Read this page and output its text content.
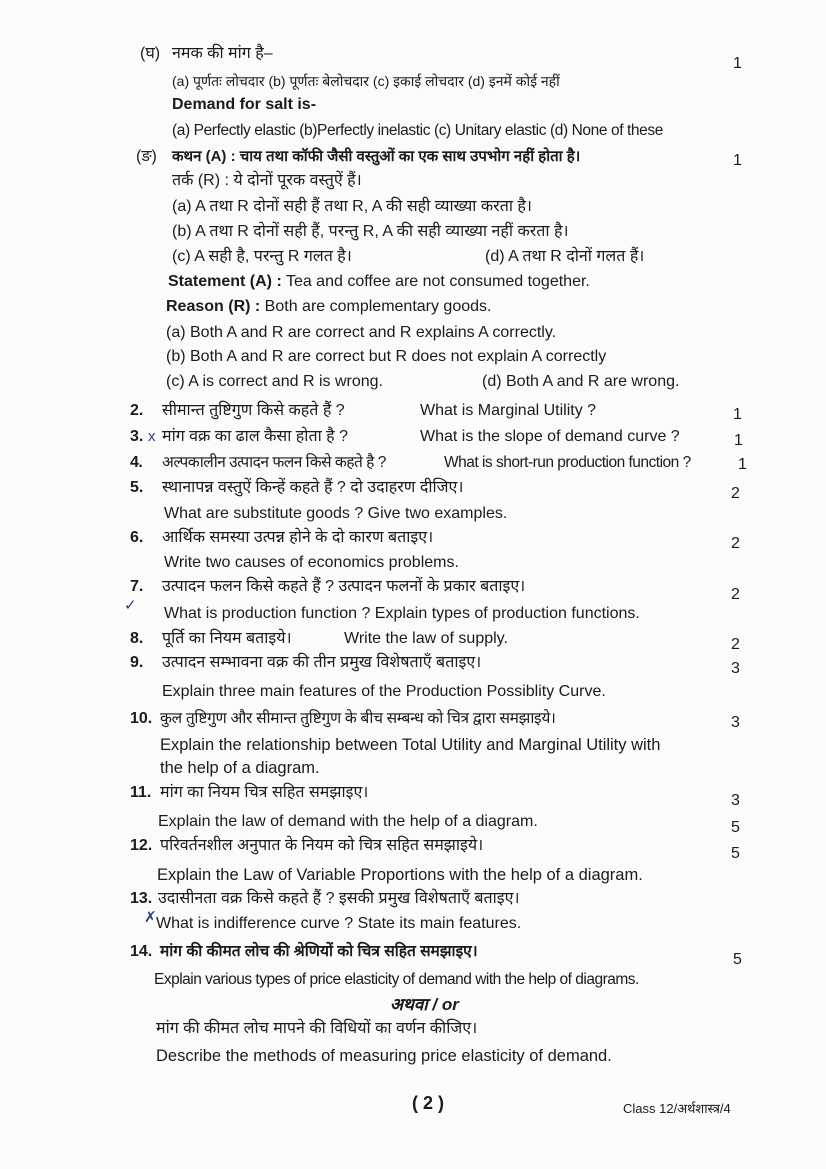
(घ) नमक की मांग है–
1
(a) पूर्णतः लोचदार (b) पूर्णतः बेलोचदार (c) इकाई लोचदार (d) इनमें कोई नहीं
Demand for salt is-
(a) Perfectly elastic (b)Perfectly inelastic (c) Unitary elastic (d) None of these
(ङ) कथन (A) : चाय तथा कॉफी जैसी वस्तुओं का एक साथ उपभोग नहीं होता है।	1
तर्क (R) : ये दोनों पूरक वस्तुऐं हैं।
(a) A तथा R दोनों सही हैं तथा R, A की सही व्याख्या करता है।
(b) A तथा R दोनों सही हैं, परन्तु R, A की सही व्याख्या नहीं करता है।
(c) A सही है, परन्तु R गलत है।	(d) A तथा R दोनों गलत हैं।
Statement (A) : Tea and coffee are not consumed together.
Reason (R) : Both are complementary goods.
(a) Both A and R are correct and R explains A correctly.
(b) Both A and R are correct but R does not explain A correctly
(c) A is correct and R is wrong.	(d) Both A and R are wrong.
2. सीमान्त तुष्टिगुण किसे कहते हैं ?	What is Marginal Utility ?	1
3. x मांग वक्र का ढाल कैसा होता है ?	What is the slope of demand curve ?	1
4. अल्पकालीन उत्पादन फलन किसे कहते है ?	What is short-run production function ?	1
5. स्थानापन्न वस्तुऐं किन्हें कहते हैं ? दो उदाहरण दीजिए।	2
What are substitute goods ? Give two examples.
6. आर्थिक समस्या उत्पन्न होने के दो कारण बताइए।	2
Write two causes of economics problems.
7. उत्पादन फलन किसे कहते हैं ? उत्पादन फलनों के प्रकार बताइए।	2
✓ What is production function ? Explain types of production functions.
8. पूर्ति का नियम बताइये।	Write the law of supply.	2
9. उत्पादन सम्भावना वक्र की तीन प्रमुख विशेषताएँ बताइए।	3
Explain three main features of the Production Possiblity Curve.
10. कुल तुष्टिगुण और सीमान्त तुष्टिगुण के बीच सम्बन्ध को चित्र द्वारा समझाइये।	3
Explain the relationship between Total Utility and Marginal Utility with
the help of a diagram.
11. मांग का नियम चित्र सहित समझाइए।	3
Explain the law of demand with the help of a diagram.	5
12. परिवर्तनशील अनुपात के नियम को चित्र सहित समझाइये।	5
Explain the Law of Variable Proportions with the help of a diagram.
13. उदासीनता वक्र किसे कहते हैं ? इसकी प्रमुख विशेषताएँ बताइए।
✗ What is indifference curve ? State its main features.
14. मांग की कीमत लोच की श्रेणियों को चित्र सहित समझाइए।	5
Explain various types of price elasticity of demand with the help of diagrams.
अथवा / or
मांग की कीमत लोच मापने की विधियों का वर्णन कीजिए।
Describe the methods of measuring price elasticity of demand.
( 2 )	Class 12/अर्थशास्त्र/4
